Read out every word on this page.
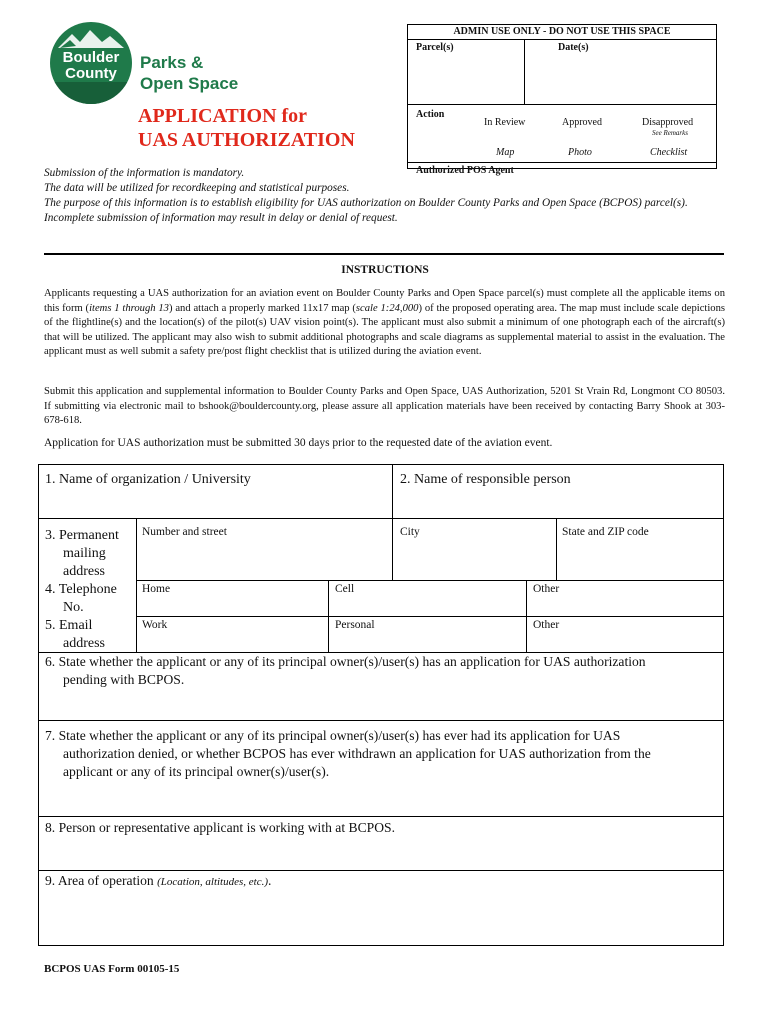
Boulder
County
Parks &
Open Space
APPLICATION for
UAS AUTHORIZATION
ADMIN USE ONLY - DO NOT USE THIS SPACE
Parcel(s)	Date(s)
Action
In Review	Approved	Disapproved
See Remarks
Map	Photo	Checklist
Authorized POS Agent
Submission of the information is mandatory.
The data will be utilized for recordkeeping and statistical purposes.
The purpose of this information is to establish eligibility for UAS authorization on Boulder County Parks and Open Space (BCPOS) parcel(s).
Incomplete submission of information may result in delay or denial of request.
INSTRUCTIONS
Applicants requesting a UAS authorization for an aviation event on Boulder County Parks and Open Space parcel(s) must complete all the applicable items on this form (items 1 through 13) and attach a properly marked 11x17 map (scale 1:24,000) of the proposed operating area. The map must include scale depictions of the flightline(s) and the location(s) of the pilot(s) UAV vision point(s). The applicant must also submit a minimum of one photograph each of the aircraft(s) that will be utilized. The applicant may also wish to submit additional photographs and scale diagrams as supplemental material to assist in the evaluation. The applicant must as well submit a safety pre/post flight checklist that is utilized during the aviation event.
Submit this application and supplemental information to Boulder County Parks and Open Space, UAS Authorization, 5201 St Vrain Rd, Longmont CO 80503. If submitting via electronic mail to bshook@bouldercounty.org, please assure all application materials have been received by contacting Barry Shook at 303-678-618.
Application for UAS authorization must be submitted 30 days prior to the requested date of the aviation event.
1. Name of organization / University	2. Name of responsible person
3. Permanent
mailing
address
Number and street	City	State and ZIP code
4. Telephone
No.
Home	Cell	Other
5. Email
address
Work	Personal	Other
6. State whether the applicant or any of its principal owner(s)/user(s) has an application for UAS authorization
pending with BCPOS.
7. State whether the applicant or any of its principal owner(s)/user(s) has ever had its application for UAS
authorization denied, or whether BCPOS has ever withdrawn an application for UAS authorization from the
applicant or any of its principal owner(s)/user(s).
8. Person or representative applicant is working with at BCPOS.
9. Area of operation (Location, altitudes, etc.).
BCPOS UAS Form 00105-15
